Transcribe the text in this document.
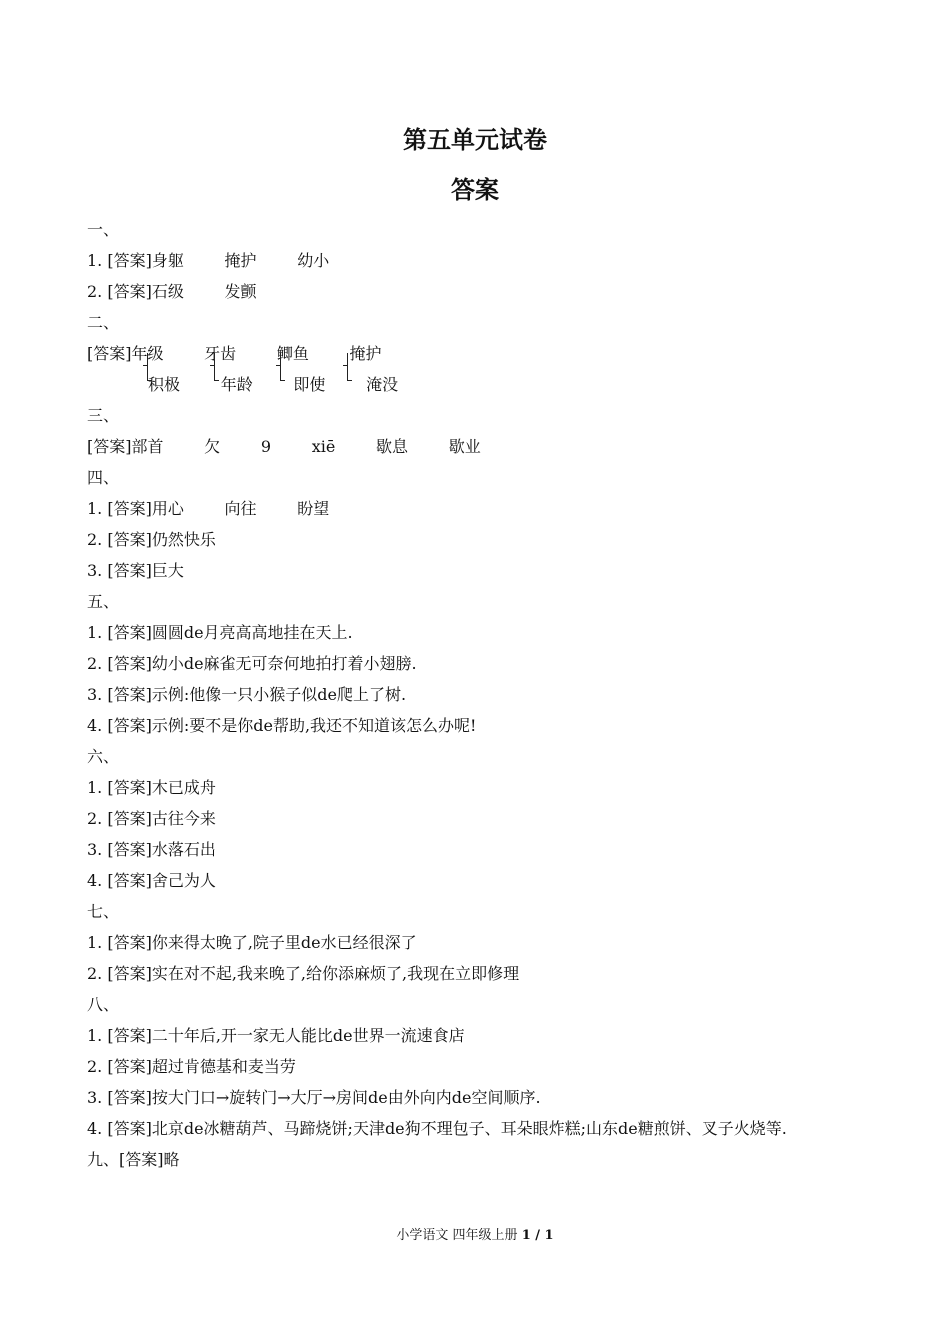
第五单元试卷
答案
一、
1. [答案]身躯        掩护        幼小
2. [答案]石级        发颤
二、
[答案]年级        牙齿        鲫鱼        掩护
积极        年龄        即使        淹没
三、
[答案]部首        欠        9        xiē        歇息        歇业
四、
1. [答案]用心        向往        盼望
2. [答案]仍然快乐
3. [答案]巨大
五、
1. [答案]圆圆de月亮高高地挂在天上.
2. [答案]幼小de麻雀无可奈何地拍打着小翅膀.
3. [答案]示例:他像一只小猴子似de爬上了树.
4. [答案]示例:要不是你de帮助,我还不知道该怎么办呢!
六、
1. [答案]木已成舟
2. [答案]古往今来
3. [答案]水落石出
4. [答案]舍己为人
七、
1. [答案]你来得太晚了,院子里de水已经很深了
2. [答案]实在对不起,我来晚了,给你添麻烦了,我现在立即修理
八、
1. [答案]二十年后,开一家无人能比de世界一流速食店
2. [答案]超过肯德基和麦当劳
3. [答案]按大门口→旋转门→大厅→房间de由外向内de空间顺序.
4. [答案]北京de冰糖葫芦、马蹄烧饼;天津de狗不理包子、耳朵眼炸糕;山东de糖煎饼、叉子火烧等.
九、[答案]略
小学语文 四年级上册 1 / 1
